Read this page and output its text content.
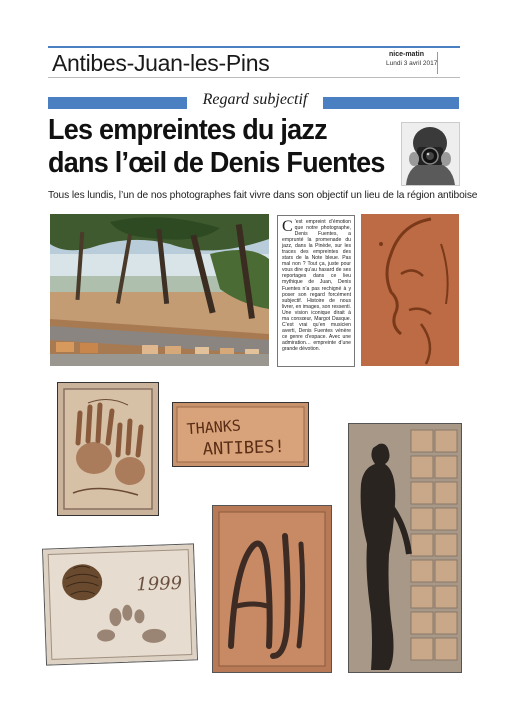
Antibes-Juan-les-Pins	nice-matin
Lundi 3 avril 2017
Regard subjectif
Les empreintes du jazz
dans l’œil de Denis Fuentes
Tous les lundis, l’un de nos photographes fait vivre dans son objectif un lieu de la région antiboise
C ’est empreint d’émotion que notre photographe, Denis Fuentes, a emprunté la promenade du jazz, dans la Pinède, sur les traces des empreintes des stars de la Note bleue. Pas mal non ? Tout ça, juste pour vous dire qu’au hasard de ses reportages dans ce lieu mythique de Juan, Denis Fuentes n’a pas rechigné à y poser son regard forcément subjectif. Histoire de nous livrer, en images, son ressenti. Une vision iconique dirait à ma consœur, Margot Dasque. C’est vrai qu’en musicien averti, Denis Fuentes vénère ce genre d’espace. Avec une admiration… empreinte d’une grande dévotion.
THANKS
ANTIBES!
1999
